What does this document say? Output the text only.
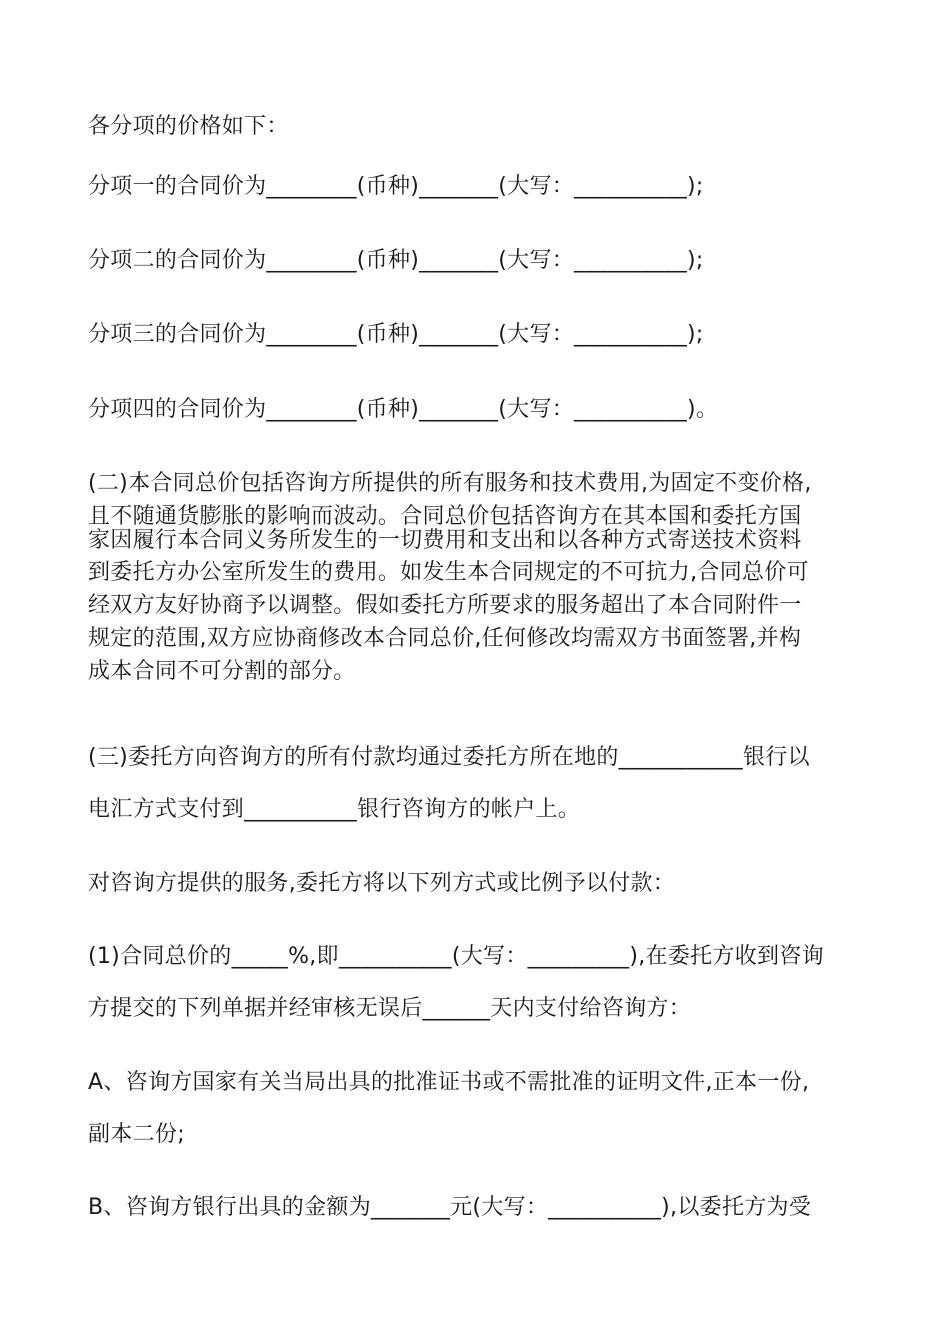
各分项的价格如下：
分项一的合同价为________(币种)_______(大写：__________);
分项二的合同价为________(币种)_______(大写：__________);
分项三的合同价为________(币种)_______(大写：__________);
分项四的合同价为________(币种)_______(大写：__________)。
(二)本合同总价包括咨询方所提供的所有服务和技术费用,为固定不变价格,
且不随通货膨胀的影响而波动。合同总价包括咨询方在其本国和委托方国
家因履行本合同义务所发生的一切费用和支出和以各种方式寄送技术资料
到委托方办公室所发生的费用。如发生本合同规定的不可抗力,合同总价可
经双方友好协商予以调整。假如委托方所要求的服务超出了本合同附件一
规定的范围,双方应协商修改本合同总价,任何修改均需双方书面签署,并构
成本合同不可分割的部分。
(三)委托方向咨询方的所有付款均通过委托方所在地的___________银行以
电汇方式支付到__________银行咨询方的帐户上。
对咨询方提供的服务,委托方将以下列方式或比例予以付款：
(1)合同总价的_____%,即__________(大写：_________),在委托方收到咨询
方提交的下列单据并经审核无误后______天内支付给咨询方：
A、咨询方国家有关当局出具的批准证书或不需批准的证明文件,正本一份,
副本二份;
B、咨询方银行出具的金额为_______元(大写：__________),以委托方为受
